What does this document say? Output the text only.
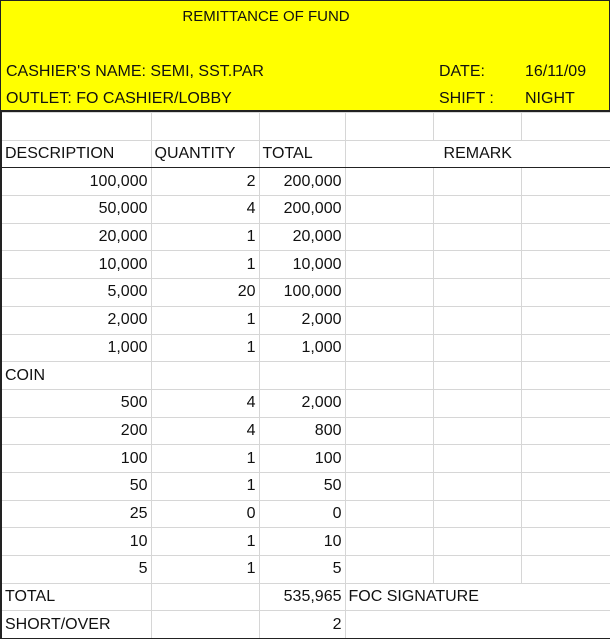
REMITTANCE OF FUND
CASHIER'S NAME: SEMI, SST.PAR
OUTLET: FO CASHIER/LOBBY
DATE:	16/11/09
SHIFT : NIGHT

DESCRIPTION	QUANTITY	TOTAL	REMARK		
100,000	2	200,000			
50,000	4	200,000			
20,000	1	20,000			
10,000	1	10,000			
5,000	20	100,000			
2,000	1	2,000			
1,000	1	1,000			
COIN					
500	4	2,000			
200	4	800			
100	1	100			
50	1	50			
25	0	0			
10	1	10			
5	1	5			
TOTAL		535,965	FOC SIGNATURE		
SHORT/OVER		2			
